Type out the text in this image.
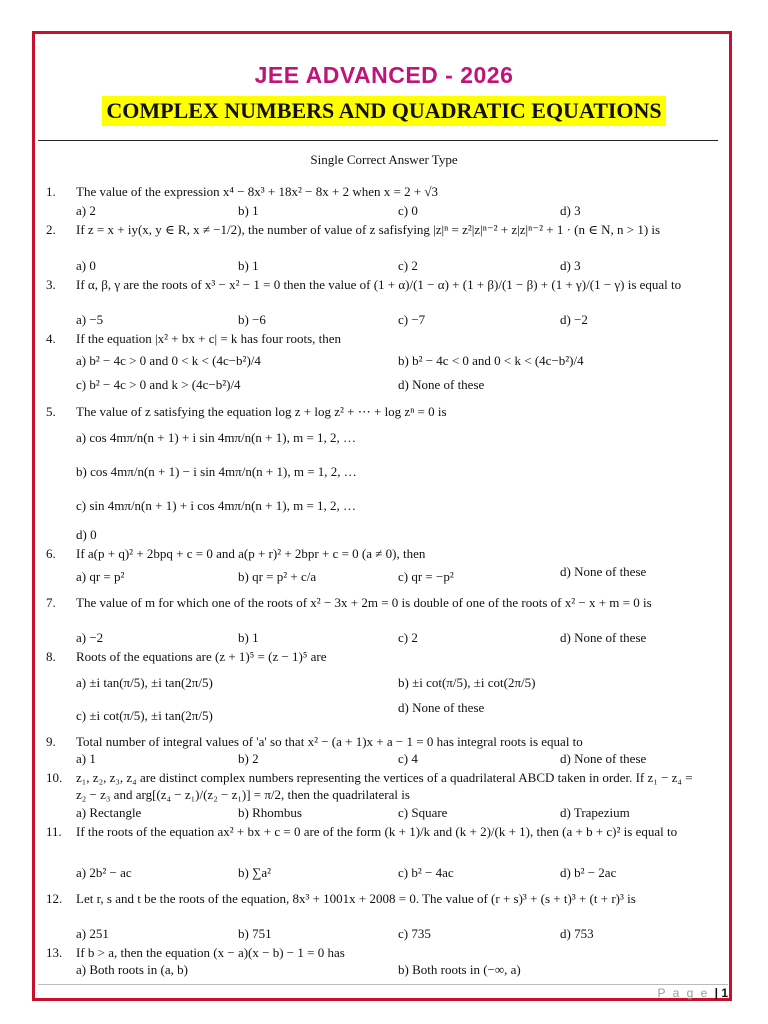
JEE ADVANCED - 2026
COMPLEX NUMBERS AND QUADRATIC EQUATIONS
Single Correct Answer Type
1.	The value of the expression x⁴ − 8x³ + 18x² − 8x + 2 when x = 2 + √3
a) 2	b) 1	c) 0	d) 3
2.	If z = x + iy(x, y ∈ R, x ≠ −1/2), the number of value of z safisfying |z|ⁿ = z²|z|ⁿ⁻² + z|z|ⁿ⁻² + 1 · (n ∈ N, n > 1) is
a) 0	b) 1	c) 2	d) 3
3.	If α, β, γ are the roots of x³ − x² − 1 = 0 then the value of (1 + α)/(1 − α) + (1 + β)/(1 − β) + (1 + γ)/(1 − γ) is equal to
a) −5	b) −6	c) −7	d) −2
4.	If the equation |x² + bx + c| = k has four roots, then
a) b² − 4c > 0 and 0 < k < (4c−b²)/4	b) b² − 4c < 0 and 0 < k < (4c−b²)/4
c) b² − 4c > 0 and k > (4c−b²)/4	d) None of these
5.	The value of z satisfying the equation log z + log z² + ⋯ + log zⁿ = 0 is
a) cos 4mπ/n(n + 1) + i sin 4mπ/n(n + 1), m = 1, 2, …
b) cos 4mπ/n(n + 1) − i sin 4mπ/n(n + 1), m = 1, 2, …
c) sin 4mπ/n(n + 1) + i cos 4mπ/n(n + 1), m = 1, 2, …
d) 0
6.	If a(p + q)² + 2bpq + c = 0 and a(p + r)² + 2bpr + c = 0 (a ≠ 0), then
a) qr = p²	b) qr = p² + c/a	c) qr = −p²	d) None of these
7.	The value of m for which one of the roots of x² − 3x + 2m = 0 is double of one of the roots of x² − x + m = 0 is
a) −2	b) 1	c) 2	d) None of these
8.	Roots of the equations are (z + 1)⁵ = (z − 1)⁵ are
a) ±i tan(π/5), ±i tan(2π/5)	b) ±i cot(π/5), ±i cot(2π/5)
c) ±i cot(π/5), ±i tan(2π/5)
d) None of these
9.	Total number of integral values of 'a' so that x² − (a + 1)x + a − 1 = 0 has integral roots is equal to
a) 1	b) 2	c) 4	d) None of these
10.	z₁, z₂, z₃, z₄ are distinct complex numbers representing the vertices of a quadrilateral ABCD taken in order. If z₁ − z₄ = z₂ − z₃ and arg[(z₄ − z₁)/(z₂ − z₁)] = π/2, then the quadrilateral is
a) Rectangle	b) Rhombus	c) Square	d) Trapezium
11.	If the roots of the equation ax² + bx + c = 0 are of the form (k + 1)/k and (k + 2)/(k + 1), then (a + b + c)² is equal to
a) 2b² − ac	b) ∑a²	c) b² − 4ac	d) b² − 2ac
12.	Let r, s and t be the roots of the equation, 8x³ + 1001x + 2008 = 0. The value of (r + s)³ + (s + t)³ + (t + r)³ is
a) 251	b) 751	c) 735	d) 753
13.	If b > a, then the equation (x − a)(x − b) − 1 = 0 has
a) Both roots in (a, b)	b) Both roots in (−∞, a)
P a g e | 1
